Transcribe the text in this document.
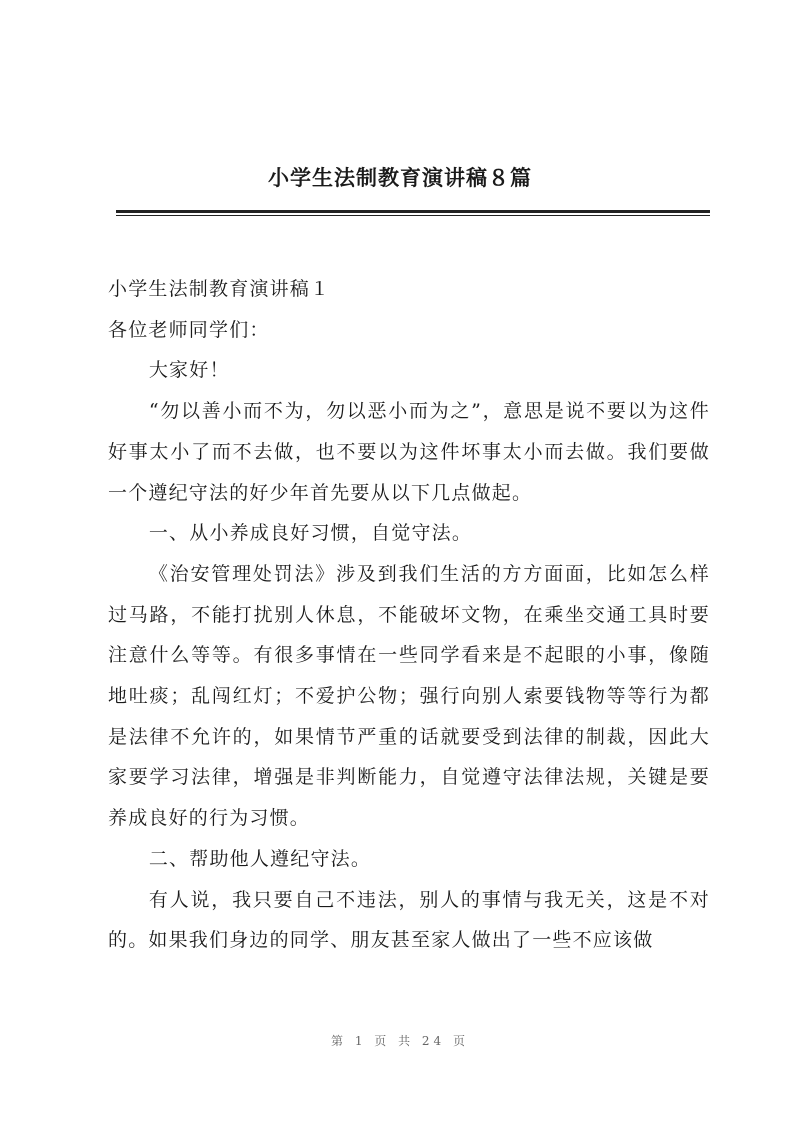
小学生法制教育演讲稿８篇

小学生法制教育演讲稿１

各位老师同学们：

大家好！

“勿以善小而不为，勿以恶小而为之”，意思是说不要以为这件好事太小了而不去做，也不要以为这件坏事太小而去做。我们要做一个遵纪守法的好少年首先要从以下几点做起。

一、从小养成良好习惯，自觉守法。

《治安管理处罚法》涉及到我们生活的方方面面，比如怎么样过马路，不能打扰别人休息，不能破坏文物，在乘坐交通工具时要注意什么等等。有很多事情在一些同学看来是不起眼的小事，像随地吐痰；乱闯红灯；不爱护公物；强行向别人索要钱物等等行为都是法律不允许的，如果情节严重的话就要受到法律的制裁，因此大家要学习法律，增强是非判断能力，自觉遵守法律法规，关键是要养成良好的行为习惯。

二、帮助他人遵纪守法。

有人说，我只要自己不违法，别人的事情与我无关，这是不对的。如果我们身边的同学、朋友甚至家人做出了一些不应该做

第 1 页 共 24 页
